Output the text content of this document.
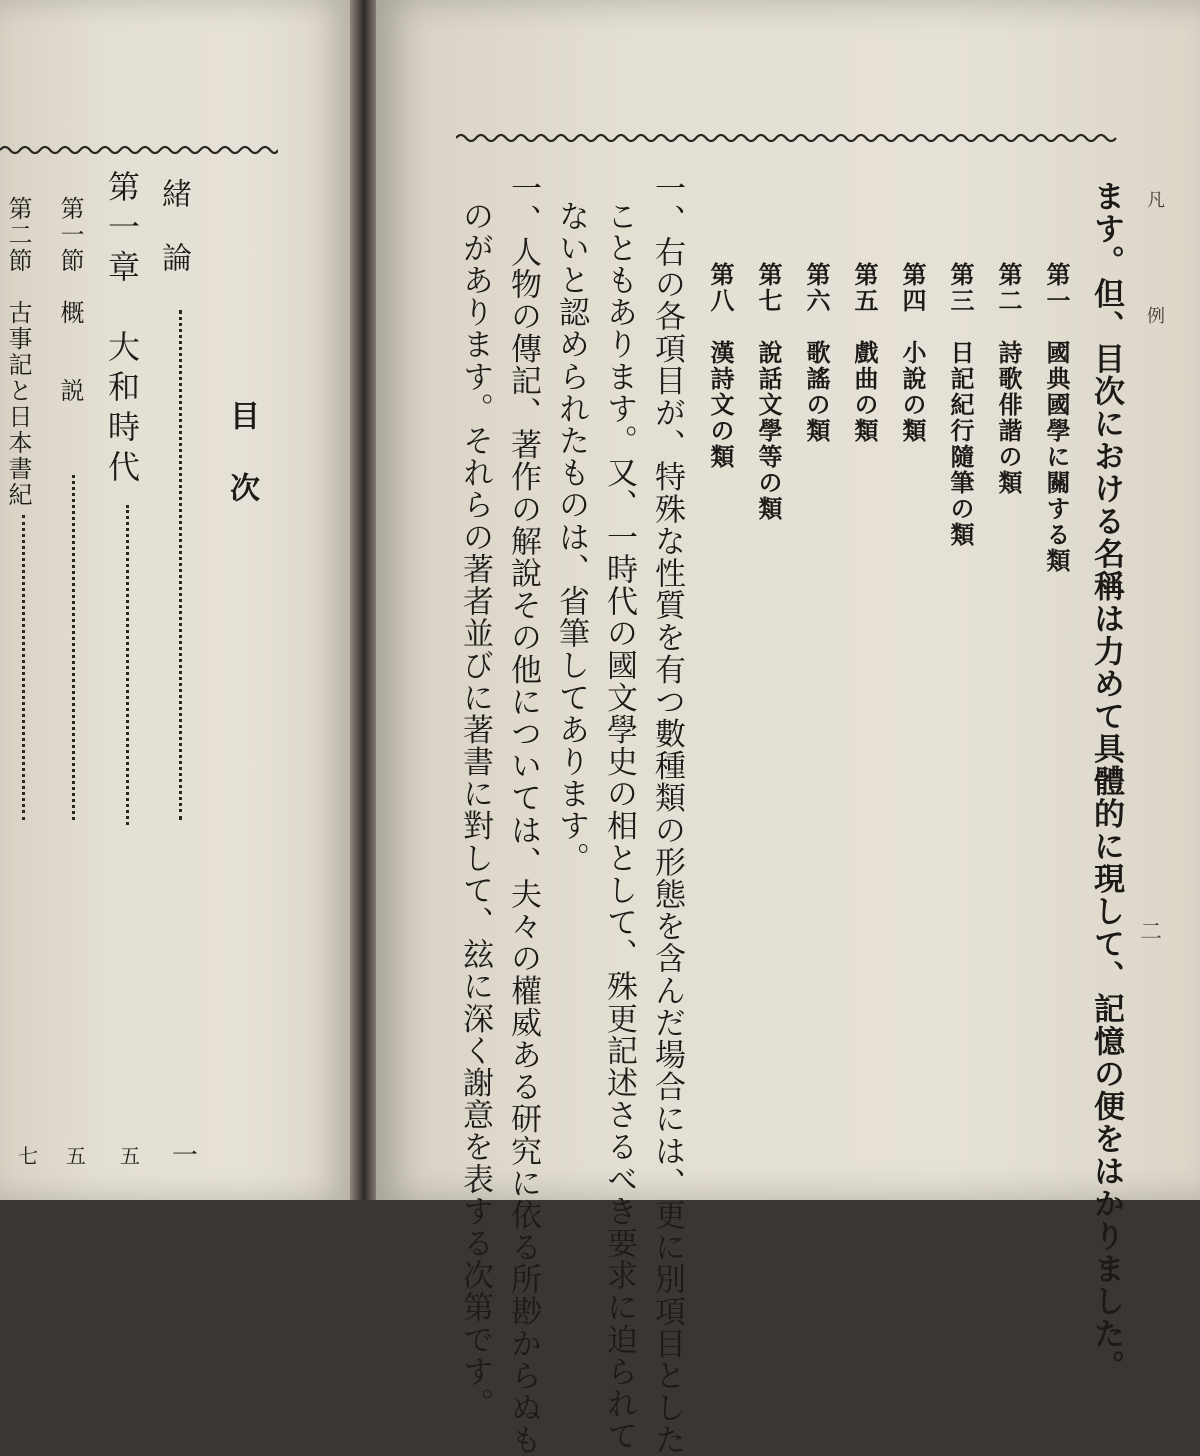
目　次
緒　論
一
第一章　大和時代
五
第一節　概　　説
五
第二節　古事記と日本書紀
七
凡　例
二
ます。但、目次における名稱は力めて具體的に現して、記憶の便をはかりました。
第一　國典國學に關する類
第二　詩歌俳諧の類
第三　日記紀行隨筆の類
第四　小說の類
第五　戲曲の類
第六　歌謠の類
第七　說話文學等の類
第八　漢詩文の類
一、右の各項目が、特殊な性質を有つ數種類の形態を含んだ場合には、更に別項目とした
こともあります。又、一時代の國文學史の相として、殊更記述さるべき要求に迫られて
ないと認められたものは、省筆してあります。
一、人物の傳記、著作の解說その他については、夫々の權威ある研究に依る所尠からぬも
のがあります。それらの著者並びに著書に對して、玆に深く謝意を表する次第です。
